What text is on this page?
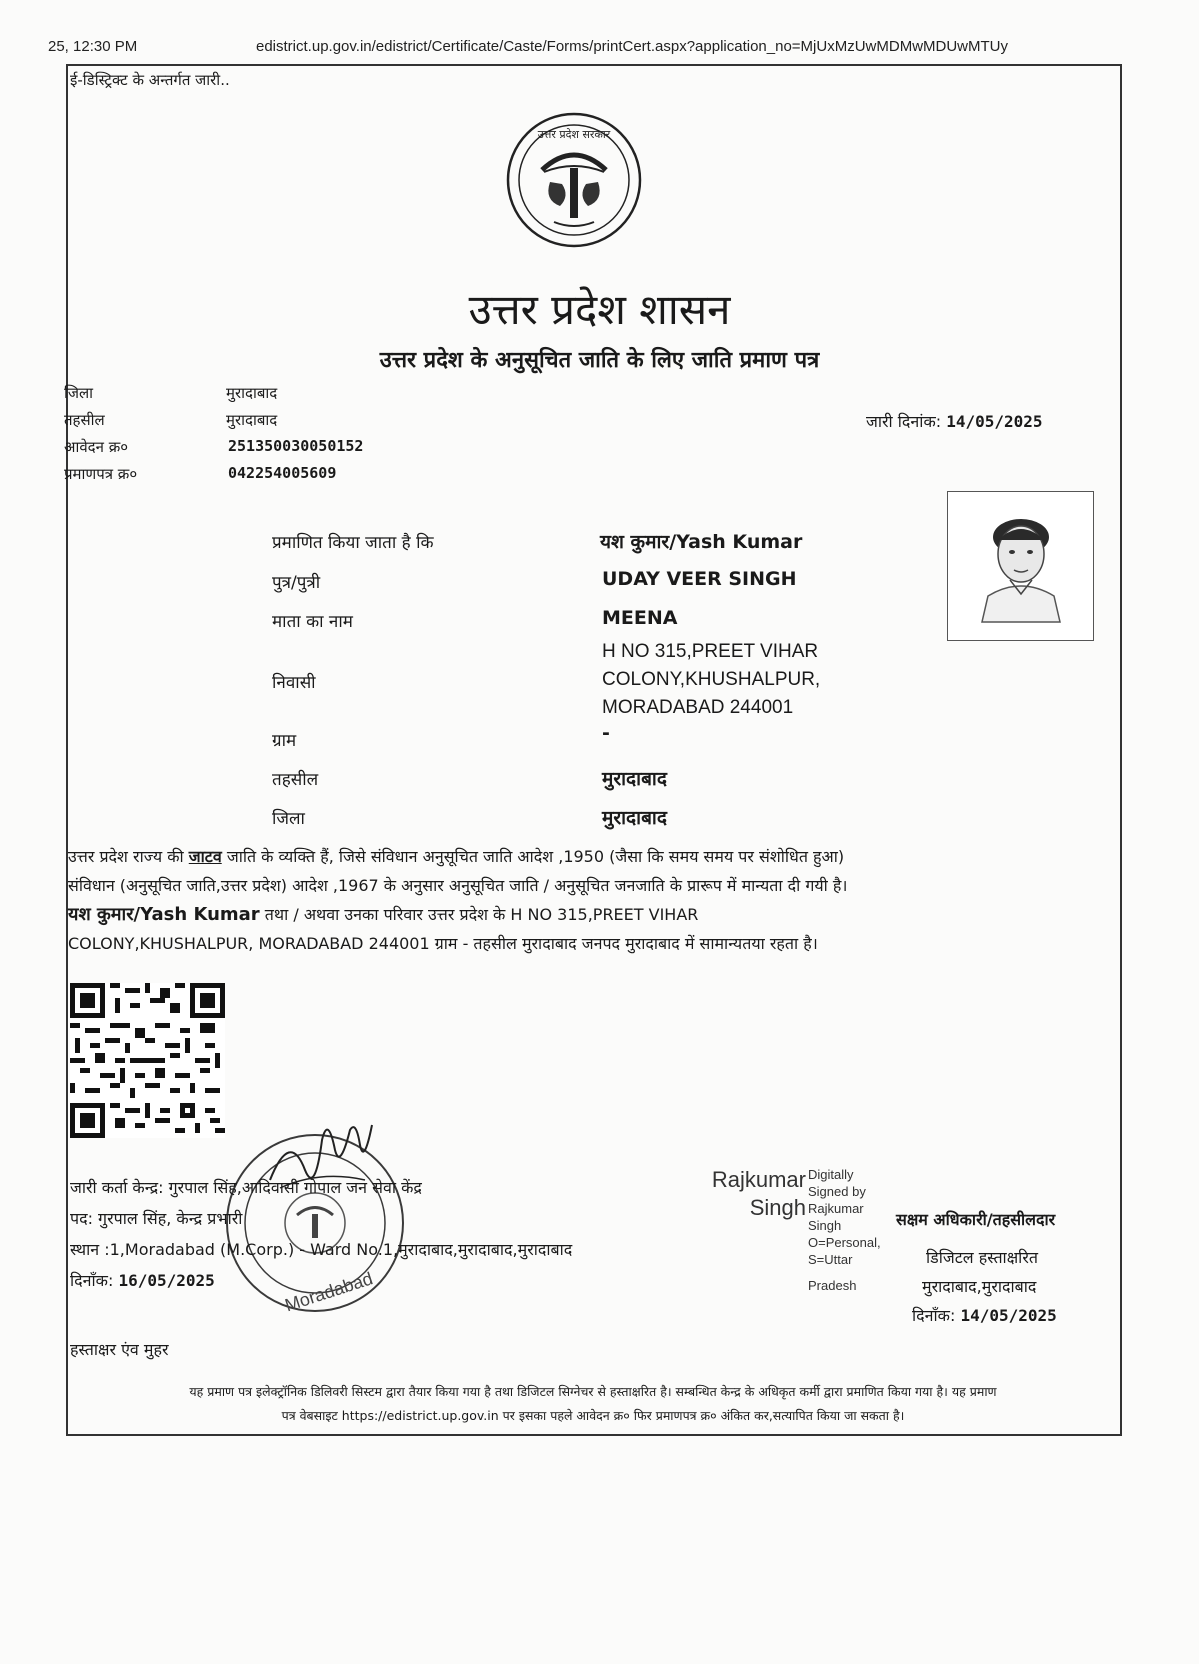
25, 12:30 PM	edistrict.up.gov.in/edistrict/Certificate/Caste/Forms/printCert.aspx?application_no=MjUxMzUwMDMwMDUwMTUy
ई-डिस्ट्रिक्ट के अन्तर्गत जारी..
उत्तर प्रदेश सरकार
उत्तर प्रदेश शासन
उत्तर प्रदेश के अनुसूचित जाति के लिए जाति प्रमाण पत्र
जिला	मुरादाबाद
तहसील	मुरादाबाद
आवेदन क्र०	251350030050152
प्रमाणपत्र क्र०	042254005609
जारी दिनांक: 14/05/2025
प्रमाणित किया जाता है कि	यश कुमार/Yash Kumar
पुत्र/पुत्री	UDAY VEER SINGH
माता का नाम	MEENA
निवासी
H NO 315,PREET VIHAR
COLONY,KHUSHALPUR,
MORADABAD 244001
ग्राम	-
तहसील	मुरादाबाद
जिला	मुरादाबाद
उत्तर प्रदेश राज्य की जाटव जाति के व्यक्ति हैं, जिसे संविधान अनुसूचित जाति आदेश ,1950 (जैसा कि समय समय पर संशोधित हुआ)
संविधान (अनुसूचित जाति,उत्तर प्रदेश) आदेश ,1967 के अनुसार अनुसूचित जाति / अनुसूचित जनजाति के प्रारूप में मान्यता दी गयी है।
यश कुमार/Yash Kumar तथा / अथवा उनका परिवार उत्तर प्रदेश के H NO 315,PREET VIHAR
COLONY,KHUSHALPUR, MORADABAD 244001 ग्राम - तहसील मुरादाबाद जनपद मुरादाबाद में सामान्यतया रहता है।
Moradabad
जारी कर्ता केन्द्र: गुरपाल सिंह,आदिवासी गोपाल जन सेवा केंद्र
पद: गुरपाल सिंह, केन्द्र प्रभारी
स्थान :1,Moradabad (M.Corp.) - Ward No.1,मुरादाबाद,मुरादाबाद,मुरादाबाद
दिनाँक: 16/05/2025
हस्ताक्षर एंव मुहर
Rajkumar
Singh
Digitally
Signed by
Rajkumar
Singh
O=Personal,
S=Uttar
Pradesh
सक्षम अधिकारी/तहसीलदार
डिजिटल हस्ताक्षरित
मुरादाबाद,मुरादाबाद
दिनाँक: 14/05/2025
यह प्रमाण पत्र इलेक्ट्रॉनिक डिलिवरी सिस्टम द्वारा तैयार किया गया है तथा डिजिटल सिग्नेचर से हस्ताक्षरित है। सम्बन्धित केन्द्र के अधिकृत कर्मी द्वारा प्रमाणित किया गया है। यह प्रमाण
पत्र वेबसाइट https://edistrict.up.gov.in पर इसका पहले आवेदन क्र० फिर प्रमाणपत्र क्र० अंकित कर,सत्यापित किया जा सकता है।
